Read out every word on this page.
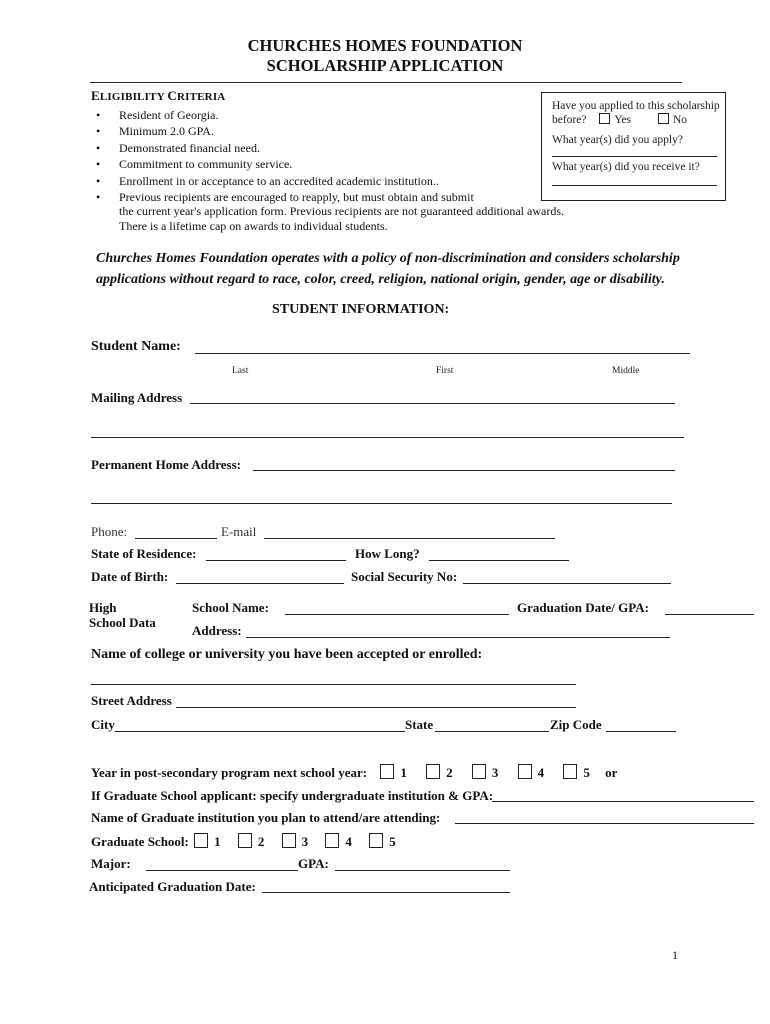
CHURCHES HOMES FOUNDATION
SCHOLARSHIP APPLICATION
ELIGIBILITY CRITERIA
• Resident of Georgia.
• Minimum 2.0 GPA.
• Demonstrated financial need.
• Commitment to community service.
• Enrollment in or acceptance to an accredited academic institution..
• Previous recipients are encouraged to reapply, but must obtain and submit
the current year's application form. Previous recipients are not guaranteed additional awards.
There is a lifetime cap on awards to individual students.
Have you applied to this scholarship
before? Yes	No
What year(s) did you apply?
What year(s) did you receive it?
Churches Homes Foundation operates with a policy of non-discrimination and considers scholarship applications without regard to race, color, creed, religion, national origin, gender, age or disability.
STUDENT INFORMATION:
Student Name:
Last	First	Middle
Mailing Address
Permanent Home Address:
Phone:	E-mail
State of Residence:	How Long?
Date of Birth:	Social Security No:
High
School Data
School Name:	Graduation Date/ GPA:
Address:
Name of college or university you have been accepted or enrolled:
Street Address
City	State	Zip Code
Year in post-secondary program next school year:	1	2	3	4	5 or
If Graduate School applicant: specify undergraduate institution & GPA:
Name of Graduate institution you plan to attend/are attending:
Graduate School: 1	2	3	4	5
Major:	GPA:
Anticipated Graduation Date:
1
